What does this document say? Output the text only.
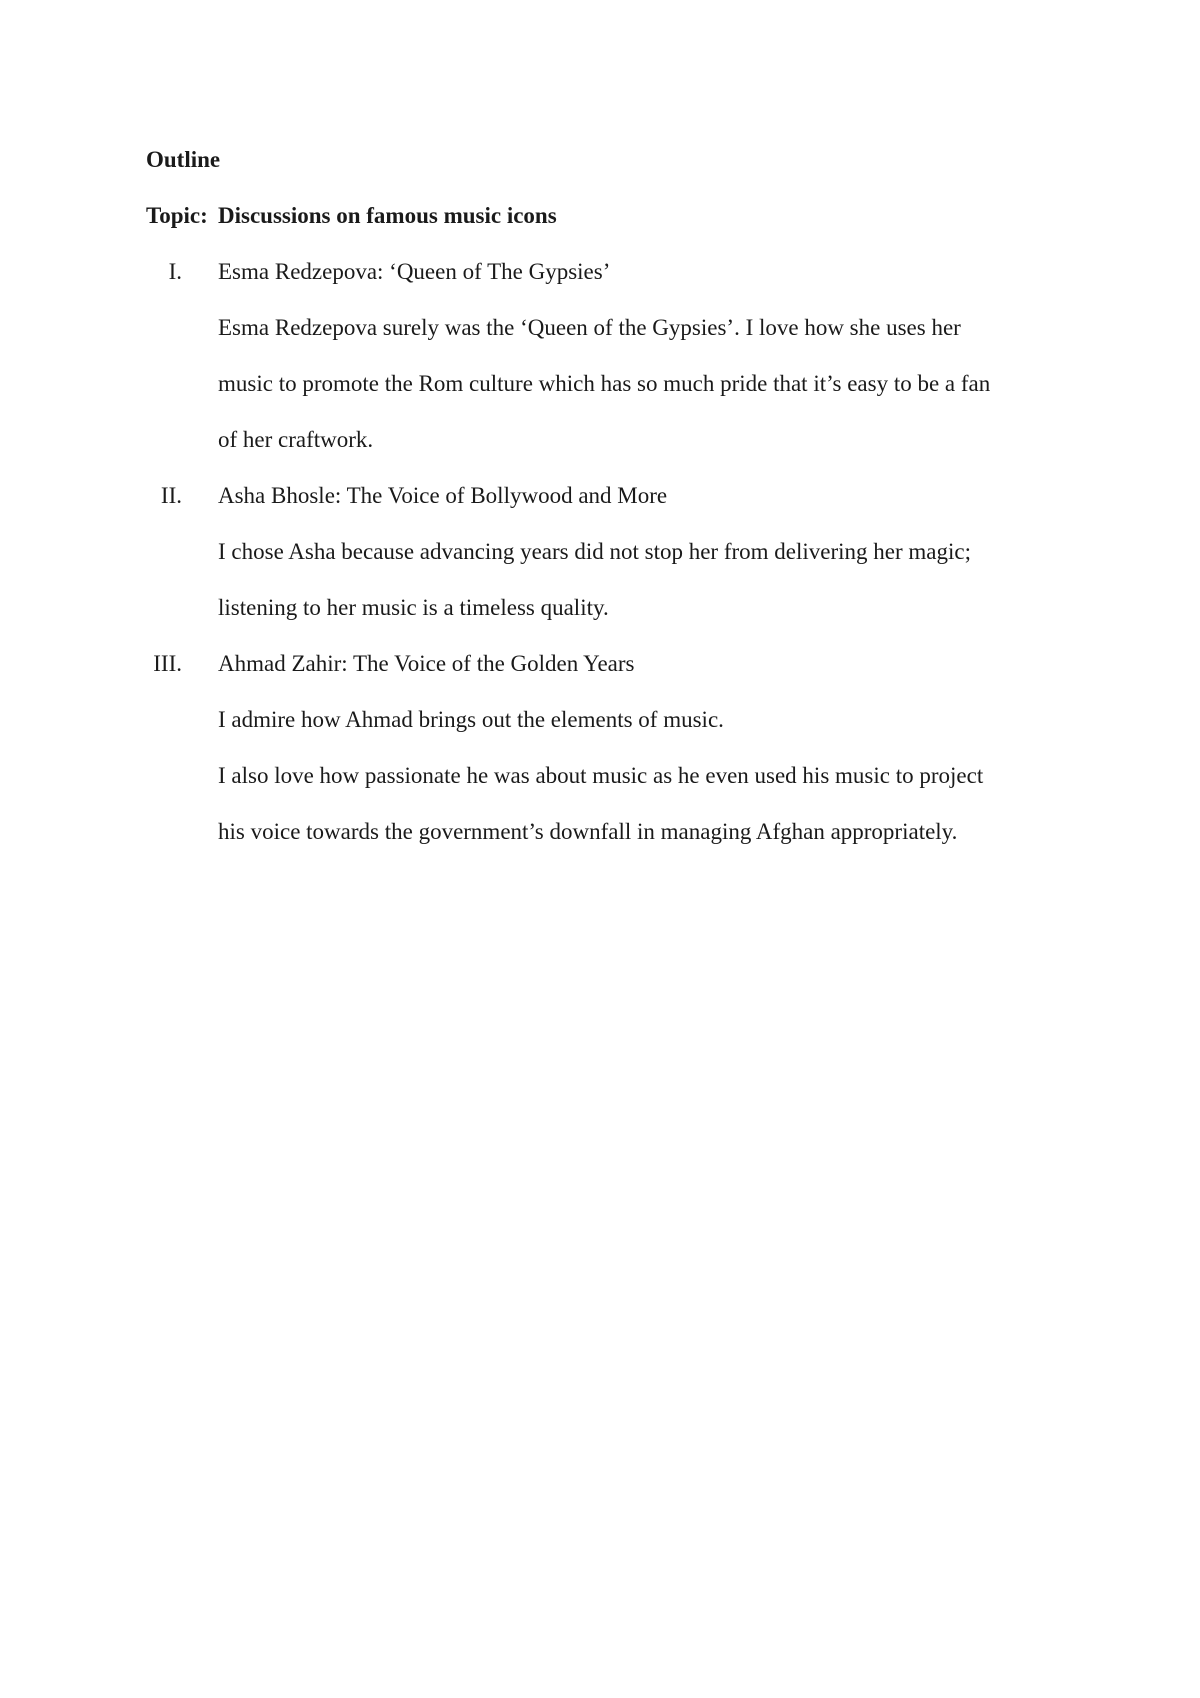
Outline
Topic: Discussions on famous music icons
I. Esma Redzepova: ‘Queen of The Gypsies’
Esma Redzepova surely was the ‘Queen of the Gypsies’. I love how she uses her
music to promote the Rom culture which has so much pride that it’s easy to be a fan
of her craftwork.
II. Asha Bhosle: The Voice of Bollywood and More
I chose Asha because advancing years did not stop her from delivering her magic;
listening to her music is a timeless quality.
III. Ahmad Zahir: The Voice of the Golden Years
I admire how Ahmad brings out the elements of music.
I also love how passionate he was about music as he even used his music to project
his voice towards the government’s downfall in managing Afghan appropriately.
